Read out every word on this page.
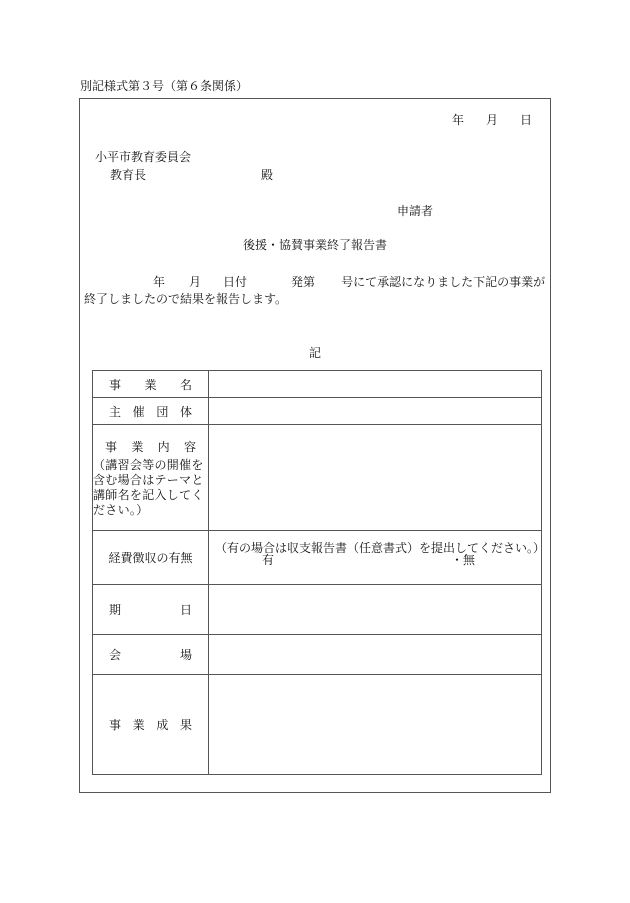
別記様式第３号（第６条関係）
年 月 日
小平市教育委員会
教育長	殿
申請者
後援・協賛事業終了報告書
年 月 日付	発第 号にて承認になりました下記の事業が
終了しましたので結果を報告します。
記
事 業 名	

主 催 団 体	

事 業 内 容
（講習会等の開催を含む場合はテーマと講師名を記入してください。）	

経費徴収の有無	（有の場合は収支報告書（任意書式）を提出してください。）
有 ・無

期 日	

会 場	

事 業 成 果	
